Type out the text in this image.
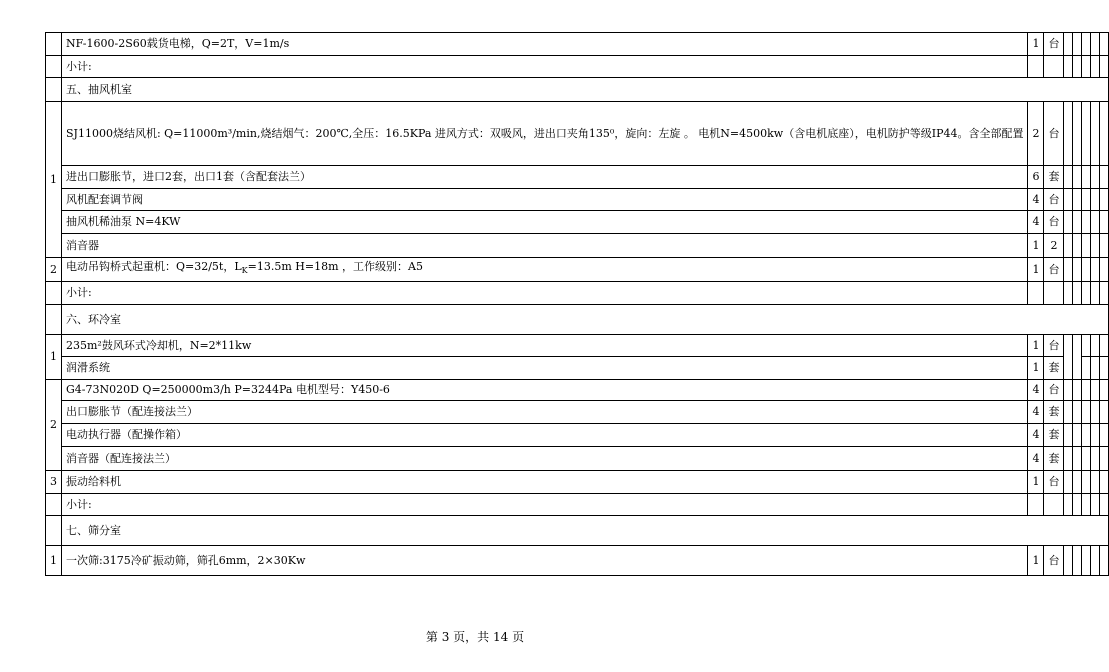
	NF-1600-2S60载货电梯，Q=2T，V=1m/s	1	台					
	小计:							
	五、抽风机室							
1	SJ11000烧结风机: Q=11000m³/min,烧结烟气：200℃,全压：16.5KPa 进风方式：双吸风，进出口夹角135⁰，旋向：左旋 。 电机N=4500kw（含电机底座），电机防护等级IP44。含全部配置	2	台					
	进出口膨胀节，进口2套，出口1套（含配套法兰）	6	套					
	风机配套调节阀	4	台					
	抽风机稀油泵 N=4KW	4	台					
	消音器	1	2					
2	电动吊钩桥式起重机：Q=32/5t，$L_K=13.5m$ H=18m ，工作级别：A5	1	台					
	小计:							
	六、环冷室							
1	235m²鼓风环式冷却机，N=2*11kw	1	台					
	润滑系统	1	套					
2	G4-73N020D Q=250000m3/h P=3244Pa 电机型号：Y450-6	4	台					
	出口膨胀节（配连接法兰）	4	套					
	电动执行器（配操作箱）	4	套					
	消音器（配连接法兰）	4	套					
3	振动给料机	1	台					
	小计:							
	七、筛分室							
1	一次筛:3175冷矿振动筛，筛孔6mm，2×30Kw	1	台					
第 3 页，共 14 页
